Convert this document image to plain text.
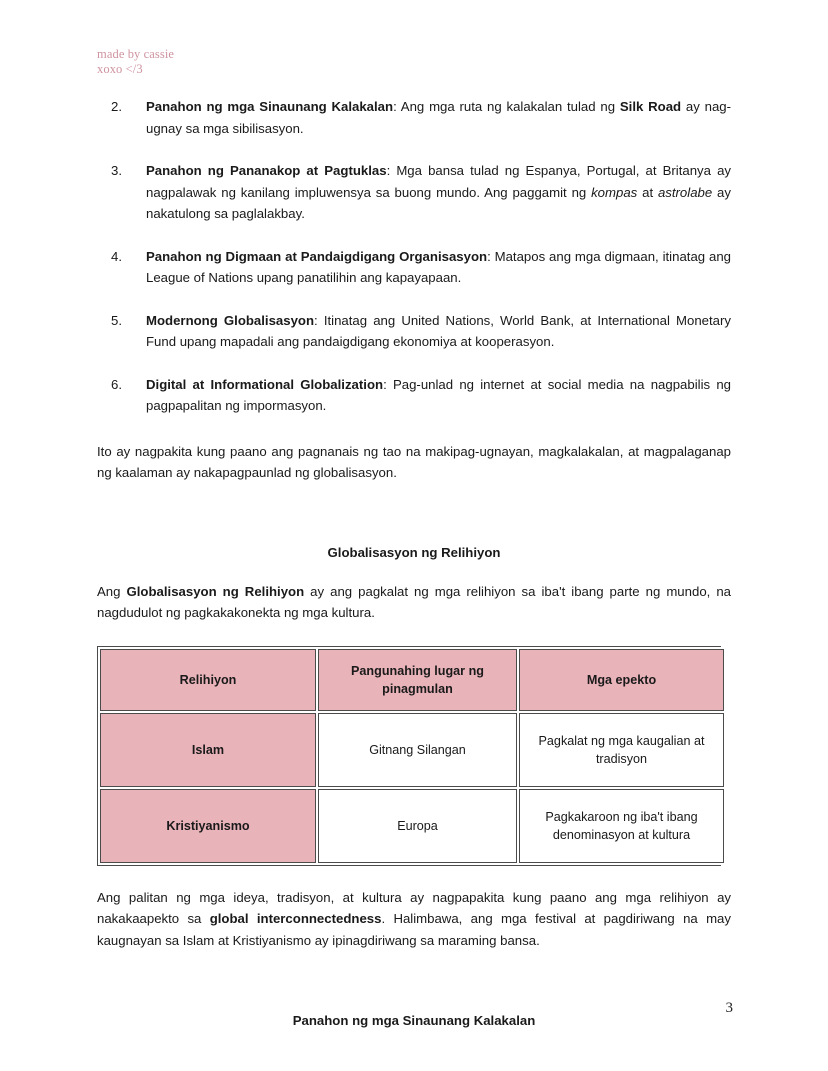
made by cassie
xoxo </3
2.	Panahon ng mga Sinaunang Kalakalan: Ang mga ruta ng kalakalan tulad ng Silk Road ay nag-ugnay sa mga sibilisasyon.
3.	Panahon ng Pananakop at Pagtuklas: Mga bansa tulad ng Espanya, Portugal, at Britanya ay nagpalawak ng kanilang impluwensya sa buong mundo. Ang paggamit ng kompas at astrolabe ay nakatulong sa paglalakbay.
4.	Panahon ng Digmaan at Pandaigdigang Organisasyon: Matapos ang mga digmaan, itinatag ang League of Nations upang panatilihin ang kapayapaan.
5.	Modernong Globalisasyon: Itinatag ang United Nations, World Bank, at International Monetary Fund upang mapadali ang pandaigdigang ekonomiya at kooperasyon.
6.	Digital at Informational Globalization: Pag-unlad ng internet at social media na nagpabilis ng pagpapalitan ng impormasyon.

Ito ay nagpakita kung paano ang pagnanais ng tao na makipag-ugnayan, magkalakalan, at magpalaganap ng kaalaman ay nakapagpaunlad ng globalisasyon.

Globalisasyon ng Relihiyon

Ang Globalisasyon ng Relihiyon ay ang pagkalat ng mga relihiyon sa iba't ibang parte ng mundo, na nagdudulot ng pagkakakonekta ng mga kultura.

Relihiyon	Pangunahing lugar ng pinagmulan	Mga epekto
Islam	Gitnang Silangan	Pagkalat ng mga kaugalian at tradisyon
Kristiyanismo	Europa	Pagkakaroon ng iba't ibang denominasyon at kultura

Ang palitan ng mga ideya, tradisyon, at kultura ay nagpapakita kung paano ang mga relihiyon ay nakakaapekto sa global interconnectedness. Halimbawa, ang mga festival at pagdiriwang na may kaugnayan sa Islam at Kristiyanismo ay ipinagdiriwang sa maraming bansa.

Panahon ng mga Sinaunang Kalakalan
3
